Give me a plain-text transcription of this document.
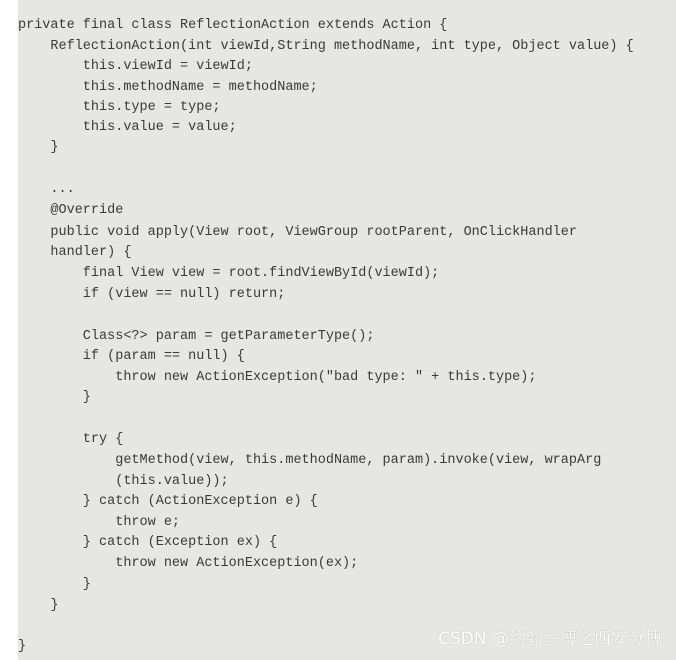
private final class ReflectionAction extends Action {
ReflectionAction(int viewId,String methodName, int type, Object value) {
this.viewId = viewId;
this.methodName = methodName;
this.type = type;
this.value = value;
}
...
@Override
public void apply(View root, ViewGroup rootParent, OnClickHandler
handler) {
final View view = root.findViewById(viewId);
if (view == null) return;
Class<?> param = getParameterType();
if (param == null) {
throw new ActionException("bad type: " + this.type);
}
try {
getMethod(view, this.methodName, param).invoke(view, wrapArg
(this.value));
} catch (ActionException e) {
throw e;
} catch (Exception ex) {
throw new ActionException(ex);
}
}
}	CSDN @约翰兰博之西安分博
